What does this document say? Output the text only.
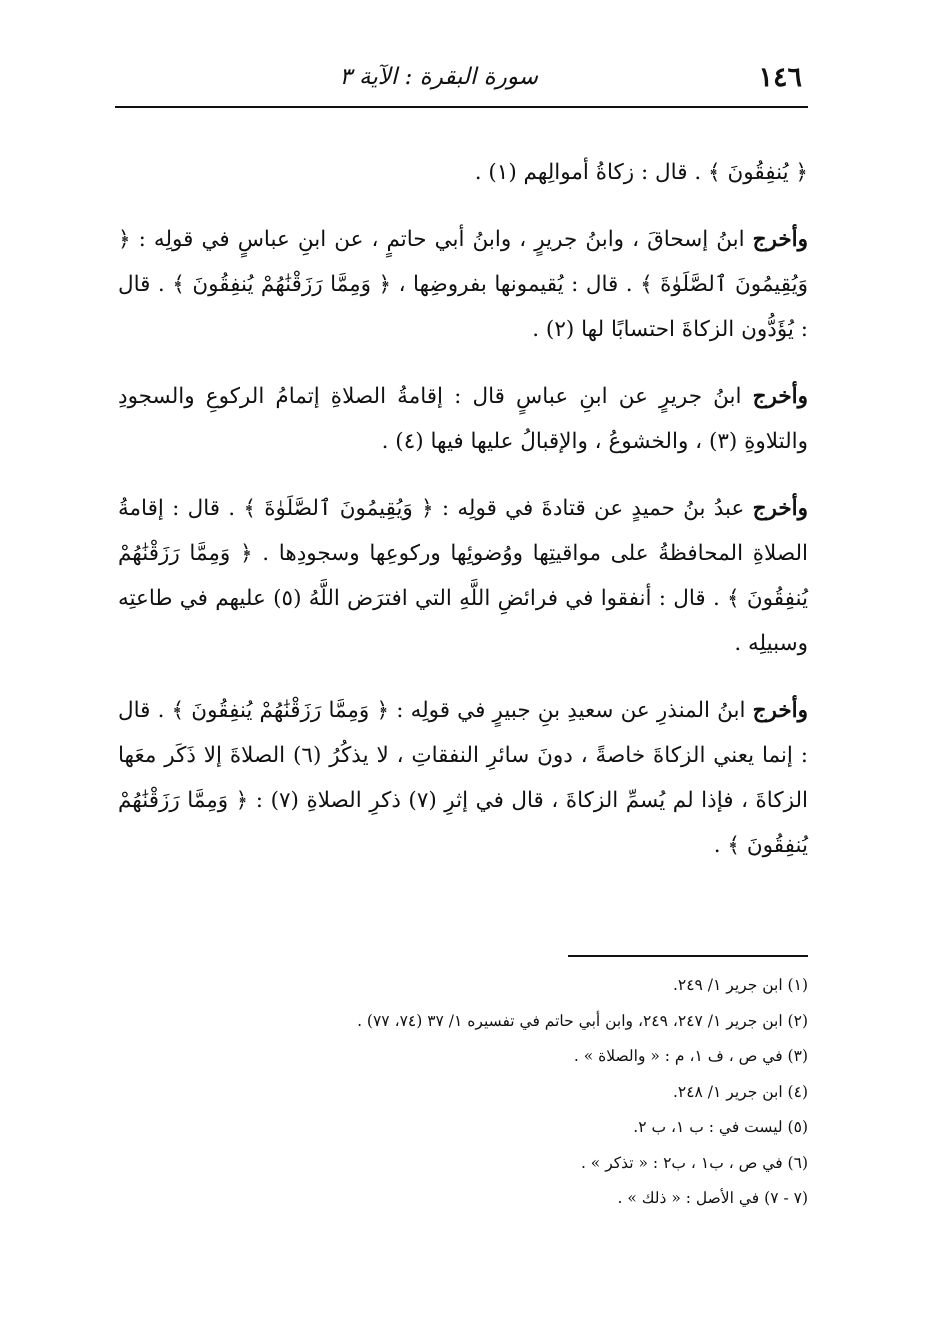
١٤٦
سورة البقرة : الآية ٣

﴿ يُنفِقُونَ ﴾ . قال : زكاةُ أموالِهم (١) .

وأخرج ابنُ إسحاقَ ، وابنُ جريرٍ ، وابنُ أبي حاتمٍ ، عن ابنِ عباسٍ في قولِه : ﴿ وَيُقِيمُونَ ٱلصَّلَوٰةَ ﴾ . قال : يُقيمونها بفروضِها ، ﴿ وَمِمَّا رَزَقْنَٰهُمْ يُنفِقُونَ ﴾ . قال : يُؤَدُّون الزكاةَ احتسابًا لها (٢) .

وأخرج ابنُ جريرٍ عن ابنِ عباسٍ قال : إقامةُ الصلاةِ إتمامُ الركوعِ والسجودِ والتلاوةِ (٣) ، والخشوعُ ، والإقبالُ عليها فيها (٤) .

وأخرج عبدُ بنُ حميدٍ عن قتادةَ في قولِه : ﴿ وَيُقِيمُونَ ٱلصَّلَوٰةَ ﴾ . قال : إقامةُ الصلاةِ المحافظةُ على مواقيتِها ووُضوئِها وركوعِها وسجودِها . ﴿ وَمِمَّا رَزَقْنَٰهُمْ يُنفِقُونَ ﴾ . قال : أنفقوا في فرائضِ اللَّهِ التي افترَض اللَّهُ (٥) عليهم في طاعتِه وسبيلِه .

وأخرج ابنُ المنذرِ عن سعيدِ بنِ جبيرٍ في قولِه : ﴿ وَمِمَّا رَزَقْنَٰهُمْ يُنفِقُونَ ﴾ . قال : إنما يعني الزكاةَ خاصةً ، دونَ سائرِ النفقاتِ ، لا يذكُرُ (٦) الصلاةَ إلا ذَكَر معَها الزكاةَ ، فإذا لم يُسمِّ الزكاةَ ، قال في إثرِ (٧) ذكرِ الصلاةِ (٧) : ﴿ وَمِمَّا رَزَقْنَٰهُمْ يُنفِقُونَ ﴾ .

(١) ابن جرير ١/ ٢٤٩.
(٢) ابن جرير ١/ ٢٤٧، ٢٤٩، وابن أبي حاتم في تفسيره ١/ ٣٧ (٧٤، ٧٧) .
(٣) في ص ، ف ١، م : « والصلاة » .
(٤) ابن جرير ١/ ٢٤٨.
(٥) ليست في : ب ١، ب ٢.
(٦) في ص ، ب١ ، ب٢ : « تذكر » .
(٧ - ٧) في الأصل : « ذلك » .
